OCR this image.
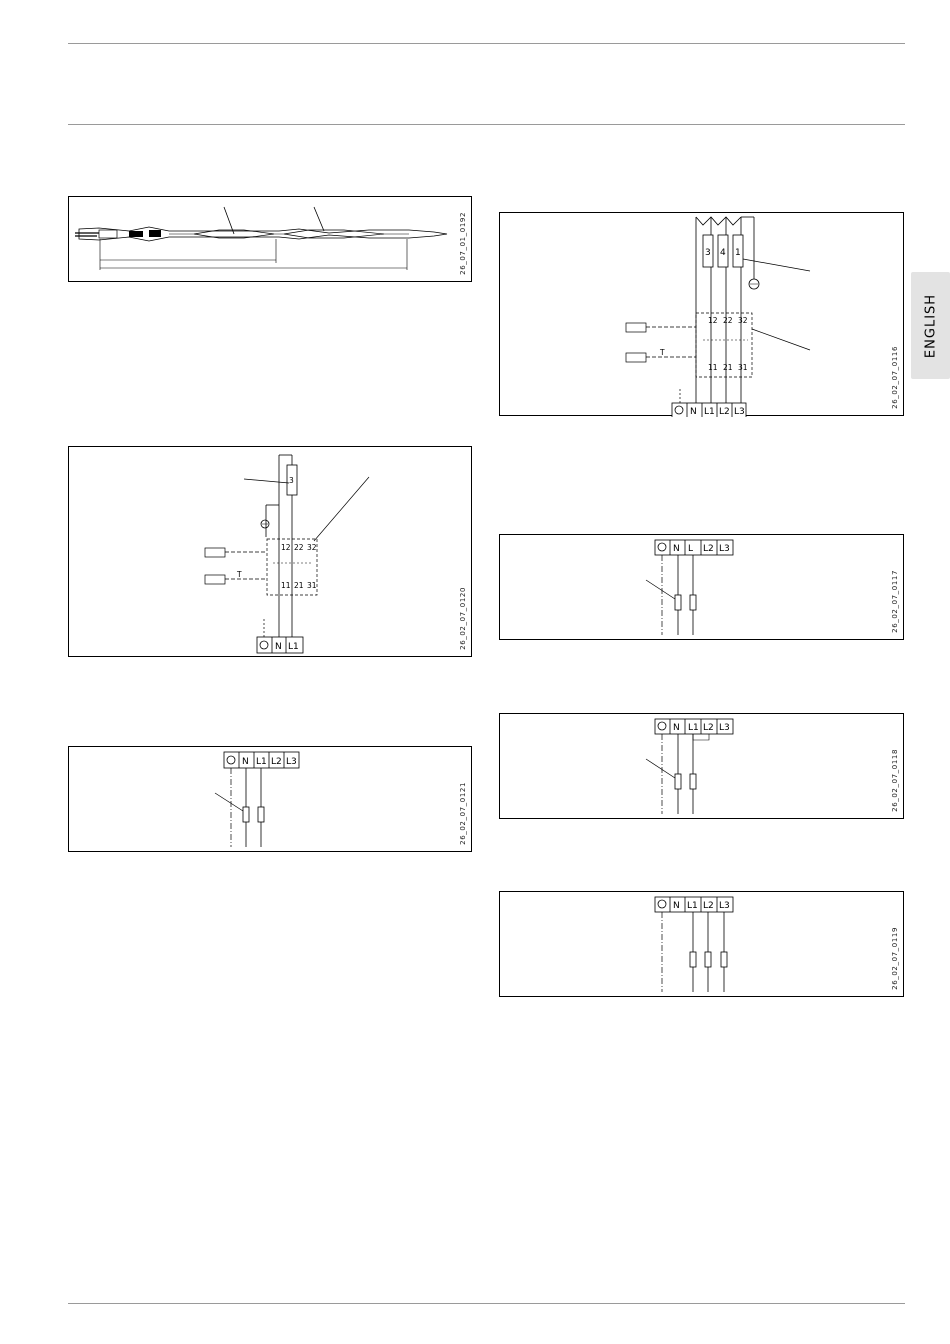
ENGLISH
26_07_01_0192
3
12 22 32
11 21 31
T
N L1	26_02_07_0120
N L1 L2 L3
26_02_07_0121
3 4 1
12 22 32
11 21 31
T
N L1 L2 L3
26_02_07_0116
N L L2 L3
26_02_07_0117
N L1 L2 L3
26_02_07_0118
N L1 L2 L3
26_02_07_0119
